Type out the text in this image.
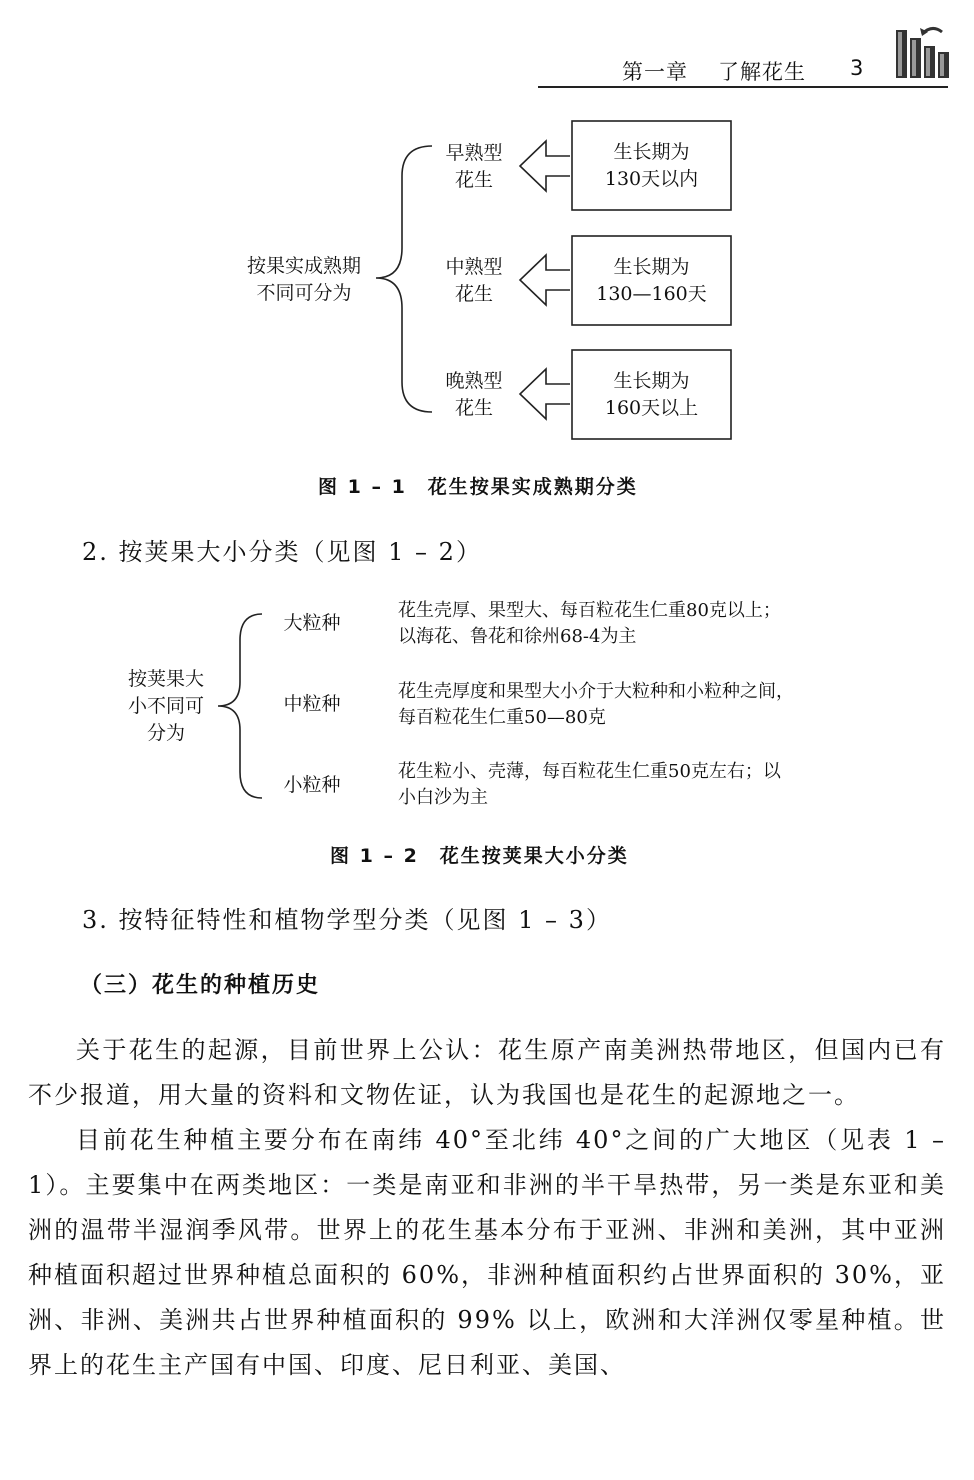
第一章 了解花生 3
按果实成熟期
不同可分为
早熟型
花生
中熟型
花生
晚熟型
花生
生长期为
130天以内
生长期为
130—160天
生长期为
160天以上
图 1 – 1　花生按果实成熟期分类
2. 按荚果大小分类（见图 1 – 2）
按荚果大
小不同可
分为
大粒种
中粒种
小粒种
花生壳厚、果型大、每百粒花生仁重80克以上；
以海花、鲁花和徐州68-4为主
花生壳厚度和果型大小介于大粒种和小粒种之间，
每百粒花生仁重50—80克
花生粒小、壳薄，每百粒花生仁重50克左右；以
小白沙为主
图 1 – 2　花生按荚果大小分类
3. 按特征特性和植物学型分类（见图 1 – 3）
（三）花生的种植历史

关于花生的起源，目前世界上公认：花生原产南美洲热带地区，但国内已有不少报道，用大量的资料和文物佐证，认为我国也是花生的起源地之一。

目前花生种植主要分布在南纬 40°至北纬 40°之间的广大地区（见表 1 – 1）。主要集中在两类地区：一类是南亚和非洲的半干旱热带，另一类是东亚和美洲的温带半湿润季风带。世界上的花生基本分布于亚洲、非洲和美洲，其中亚洲种植面积超过世界种植总面积的 60%，非洲种植面积约占世界面积的 30%，亚洲、非洲、美洲共占世界种植面积的 99% 以上，欧洲和大洋洲仅零星种植。世界上的花生主产国有中国、印度、尼日利亚、美国、
